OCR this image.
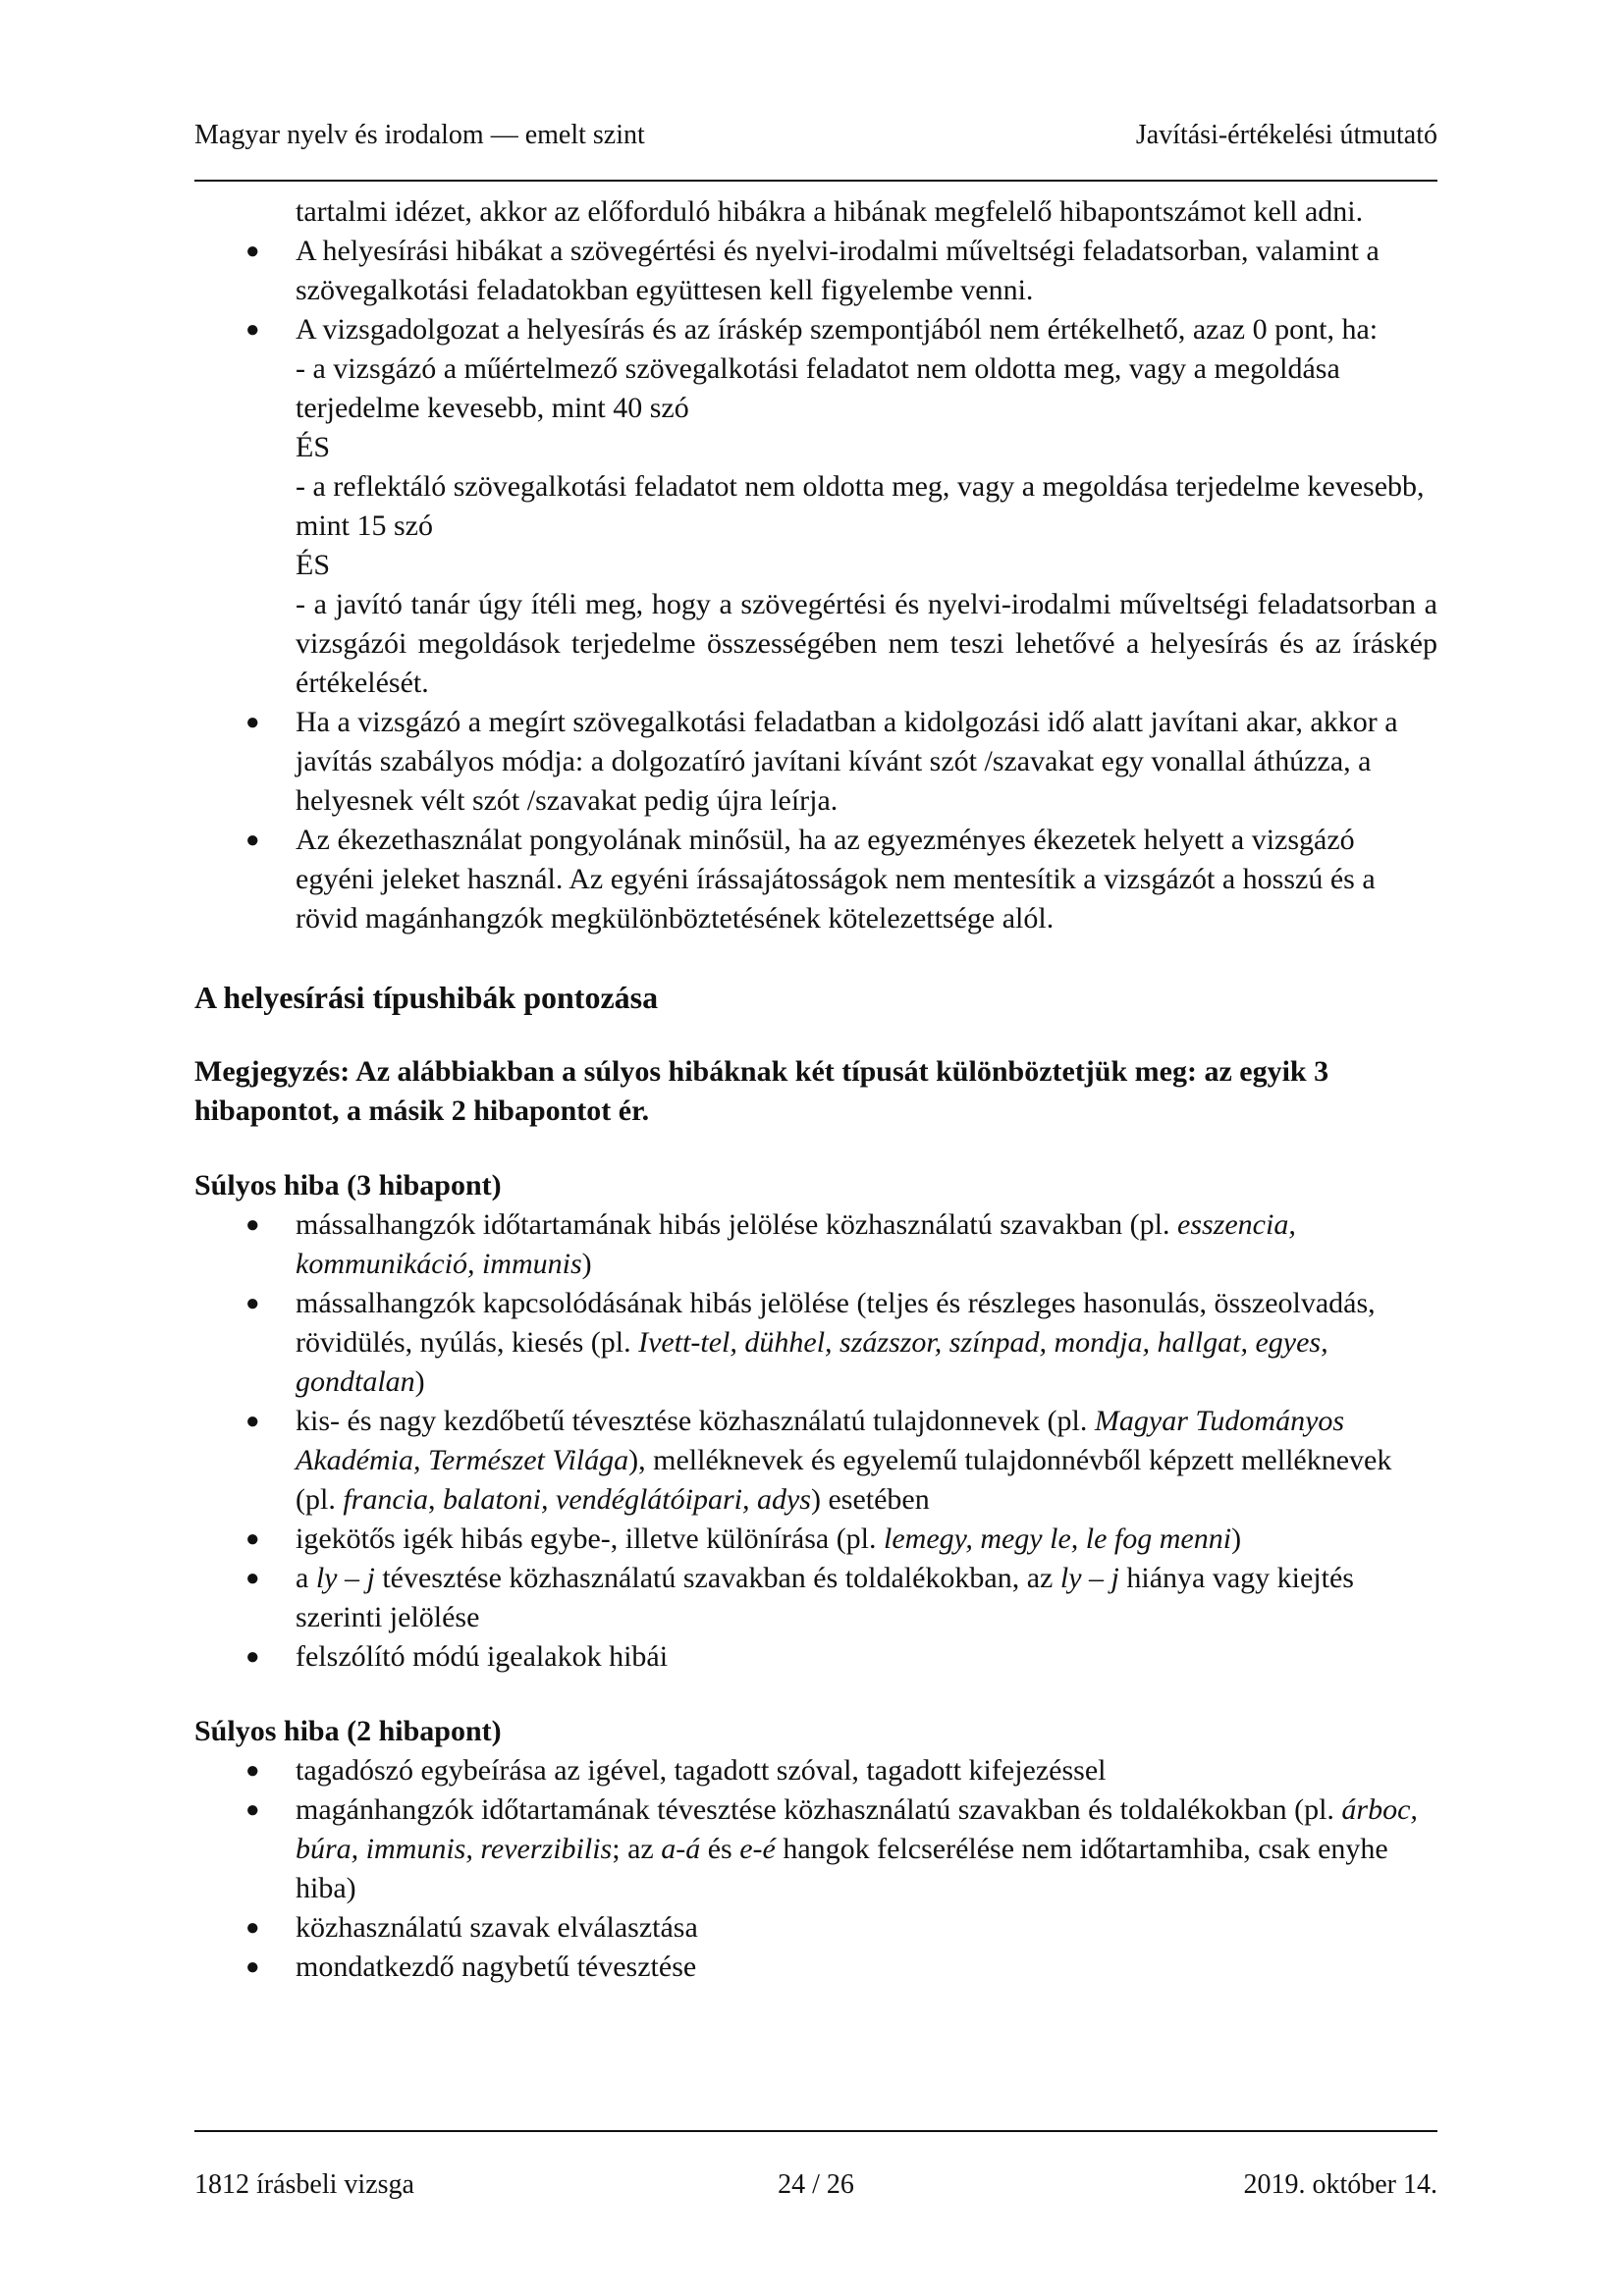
Magyar nyelv és irodalom — emelt szint	Javítási-értékelési útmutató

tartalmi idézet, akkor az előforduló hibákra a hibának megfelelő hibapontszámot kell adni.

● A helyesírási hibákat a szövegértési és nyelvi-irodalmi műveltségi feladatsorban, valamint a szövegalkotási feladatokban együttesen kell figyelembe venni.
● A vizsgadolgozat a helyesírás és az íráskép szempontjából nem értékelhető, azaz 0 pont, ha:

- a vizsgázó a műértelmező szövegalkotási feladatot nem oldotta meg, vagy a megoldása terjedelme kevesebb, mint 40 szó

ÉS

- a reflektáló szövegalkotási feladatot nem oldotta meg, vagy a megoldása terjedelme kevesebb, mint 15 szó

ÉS

- a javító tanár úgy ítéli meg, hogy a szövegértési és nyelvi-irodalmi műveltségi feladatsorban a vizsgázói megoldások terjedelme összességében nem teszi lehetővé a helyesírás és az íráskép értékelését.

● Ha a vizsgázó a megírt szövegalkotási feladatban a kidolgozási idő alatt javítani akar, akkor a javítás szabályos módja: a dolgozatíró javítani kívánt szót /szavakat egy vonallal áthúzza, a helyesnek vélt szót /szavakat pedig újra leírja.
● Az ékezethasználat pongyolának minősül, ha az egyezményes ékezetek helyett a vizsgázó egyéni jeleket használ. Az egyéni írássajátosságok nem mentesítik a vizsgázót a hosszú és a rövid magánhangzók megkülönböztetésének kötelezettsége alól.

A helyesírási típushibák pontozása

Megjegyzés: Az alábbiakban a súlyos hibáknak két típusát különböztetjük meg: az egyik 3 hibapontot, a másik 2 hibapontot ér.

Súlyos hiba (3 hibapont)

● mássalhangzók időtartamának hibás jelölése közhasználatú szavakban (pl. esszencia, kommunikáció, immunis)
● mássalhangzók kapcsolódásának hibás jelölése (teljes és részleges hasonulás, összeolvadás, rövidülés, nyúlás, kiesés (pl. Ivett-tel, dühhel, százszor, színpad, mondja, hallgat, egyes, gondtalan)
● kis- és nagy kezdőbetű tévesztése közhasználatú tulajdonnevek (pl. Magyar Tudományos Akadémia, Természet Világa), melléknevek és egyelemű tulajdonnévből képzett melléknevek (pl. francia, balatoni, vendéglátóipari, adys) esetében
● igekötős igék hibás egybe-, illetve különírása (pl. lemegy, megy le, le fog menni)
● a ly – j tévesztése közhasználatú szavakban és toldalékokban, az ly – j hiánya vagy kiejtés szerinti jelölése
● felszólító módú igealakok hibái

Súlyos hiba (2 hibapont)

● tagadószó egybeírása az igével, tagadott szóval, tagadott kifejezéssel
● magánhangzók időtartamának tévesztése közhasználatú szavakban és toldalékokban (pl. árboc, búra, immunis, reverzibilis; az a-á és e-é hangok felcserélése nem időtartamhiba, csak enyhe hiba)
● közhasználatú szavak elválasztása
● mondatkezdő nagybetű tévesztése
1812 írásbeli vizsga	24 / 26	2019. október 14.
